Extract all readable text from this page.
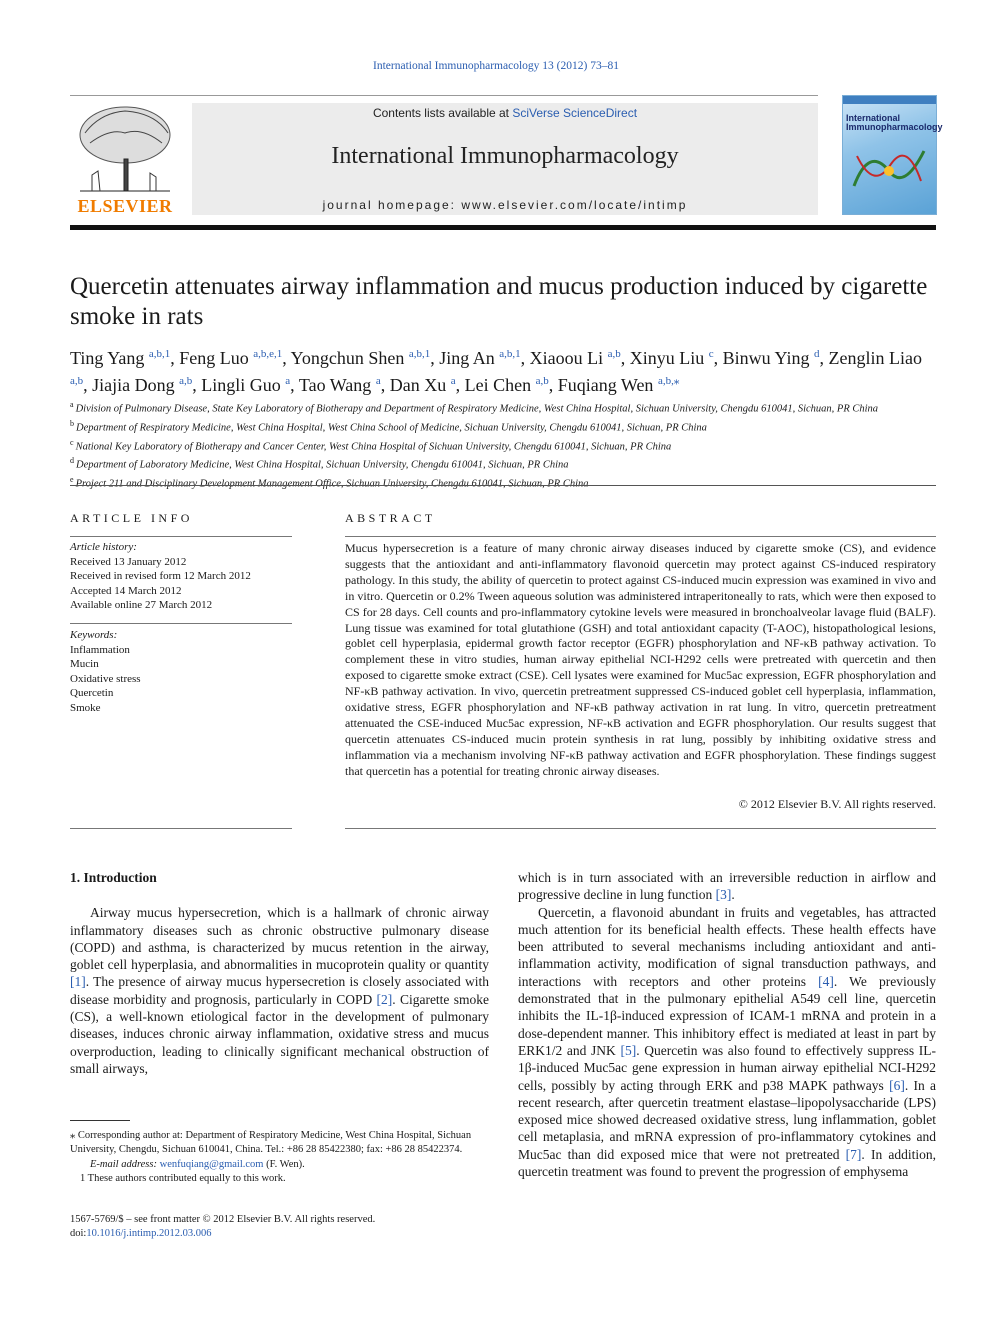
International Immunopharmacology 13 (2012) 73–81
ELSEVIER
Contents lists available at SciVerse ScienceDirect
International Immunopharmacology
journal homepage: www.elsevier.com/locate/intimp
International Immunopharmacology
Quercetin attenuates airway inflammation and mucus production induced by cigarette smoke in rats
Ting Yang $^{a,b,1}$, Feng Luo $^{a,b,e,1}$, Yongchun Shen $^{a,b,1}$, Jing An $^{a,b,1}$, Xiaoou Li $^{a,b}$, Xinyu Liu $^c$, Binwu Ying $^d$, Zenglin Liao $^{a,b}$, Jiajia Dong $^{a,b}$, Lingli Guo $^a$, Tao Wang $^a$, Dan Xu $^a$, Lei Chen $^{a,b}$, Fuqiang Wen $^{a,b,⁎}$
$^a$ Division of Pulmonary Disease, State Key Laboratory of Biotherapy and Department of Respiratory Medicine, West China Hospital, Sichuan University, Chengdu 610041, Sichuan, PR China
$^b$ Department of Respiratory Medicine, West China Hospital, West China School of Medicine, Sichuan University, Chengdu 610041, Sichuan, PR China
$^c$ National Key Laboratory of Biotherapy and Cancer Center, West China Hospital of Sichuan University, Chengdu 610041, Sichuan, PR China
$^d$ Department of Laboratory Medicine, West China Hospital, Sichuan University, Chengdu 610041, Sichuan, PR China
$^e$
ARTICLE INFO	ABSTRACT
Article history:
Received 13 January 2012
Received in revised form 12 March 2012
Accepted 14 March 2012
Available online 27 March 2012
Keywords:
Inflammation
Mucin
Oxidative stress
Quercetin
Smoke
Mucus hypersecretion is a feature of many chronic airway diseases induced by cigarette smoke (CS), and evidence suggests that the antioxidant and anti-inflammatory flavonoid quercetin may protect against CS-induced respiratory pathology. In this study, the ability of quercetin to protect against CS-induced mucin expression was examined in vivo and in vitro. Quercetin or 0.2% Tween aqueous solution was administered intraperitoneally to rats, which were then exposed to CS for 28 days. Cell counts and pro-inflammatory cytokine levels were measured in bronchoalveolar lavage fluid (BALF). Lung tissue was examined for total glutathione (GSH) and total antioxidant capacity (T-AOC), histopathological lesions, goblet cell hyperplasia, epidermal growth factor receptor (EGFR) phosphorylation and NF-κB pathway activation. To complement these in vitro studies, human airway epithelial NCI-H292 cells were pretreated with quercetin and then exposed to cigarette smoke extract (CSE). Cell lysates were examined for Muc5ac expression, EGFR phosphorylation and NF-κB pathway activation. In vivo, quercetin pretreatment suppressed CS-induced goblet cell hyperplasia, inflammation, oxidative stress, EGFR phosphorylation and NF-κB pathway activation in rat lung. In vitro, quercetin pretreatment attenuated the CSE-induced Muc5ac expression, NF-κB activation and EGFR phosphorylation. Our results suggest that quercetin attenuates CS-induced mucin protein synthesis in rat lung, possibly by inhibiting oxidative stress and inflammation via a mechanism involving NF-κB pathway activation and EGFR phosphorylation. These findings suggest that quercetin has a potential for treating chronic airway diseases.
© 2012 Elsevier B.V. All rights reserved.
1. Introduction
Airway mucus hypersecretion, which is a hallmark of chronic airway inflammatory diseases such as chronic obstructive pulmonary disease (COPD) and asthma, is characterized by mucus retention in the airway, goblet cell hyperplasia, and abnormalities in mucoprotein quality or quantity [1]. The presence of airway mucus hypersecretion is closely associated with disease morbidity and prognosis, particularly in COPD [2]. Cigarette smoke (CS), a well-known etiological factor in the development of pulmonary diseases, induces chronic airway inflammation, oxidative stress and mucus overproduction, leading to clinically significant mechanical obstruction of small airways,
which is in turn associated with an irreversible reduction in airflow and progressive decline in lung function [3].
Quercetin, a flavonoid abundant in fruits and vegetables, has attracted much attention for its beneficial health effects. These health effects have been attributed to several mechanisms including antioxidant and anti-inflammation activity, modification of signal transduction pathways, and interactions with receptors and other proteins [4]. We previously demonstrated that in the pulmonary epithelial A549 cell line, quercetin inhibits the IL-1β-induced expression of ICAM-1 mRNA and protein in a dose-dependent manner. This inhibitory effect is mediated at least in part by ERK1/2 and JNK [5]. Quercetin was also found to effectively suppress IL-1β-induced Muc5ac gene expression in human airway epithelial NCI-H292 cells, possibly by acting through ERK and p38 MAPK pathways [6]. In a recent research, after quercetin treatment elastase–lipopolysaccharide (LPS) exposed mice showed decreased oxidative stress, lung inflammation, goblet cell metaplasia, and mRNA expression of pro-inflammatory cytokines and Muc5ac than did exposed mice that were not pretreated [7]. In addition, quercetin treatment was found to prevent the progression of emphysema
⁎ Corresponding author at: Department of Respiratory Medicine, West China Hospital, Sichuan University, Chengdu, Sichuan 610041, China. Tel.: +86 28 85422380; fax: +86 28 85422374.
E-mail address: wenfuqiang@gmail.com (F. Wen).
1 These authors contributed equally to this work.
1567-5769/$ – see front matter © 2012 Elsevier B.V. All rights reserved.
doi:10.1016/j.intimp.2012.03.006
